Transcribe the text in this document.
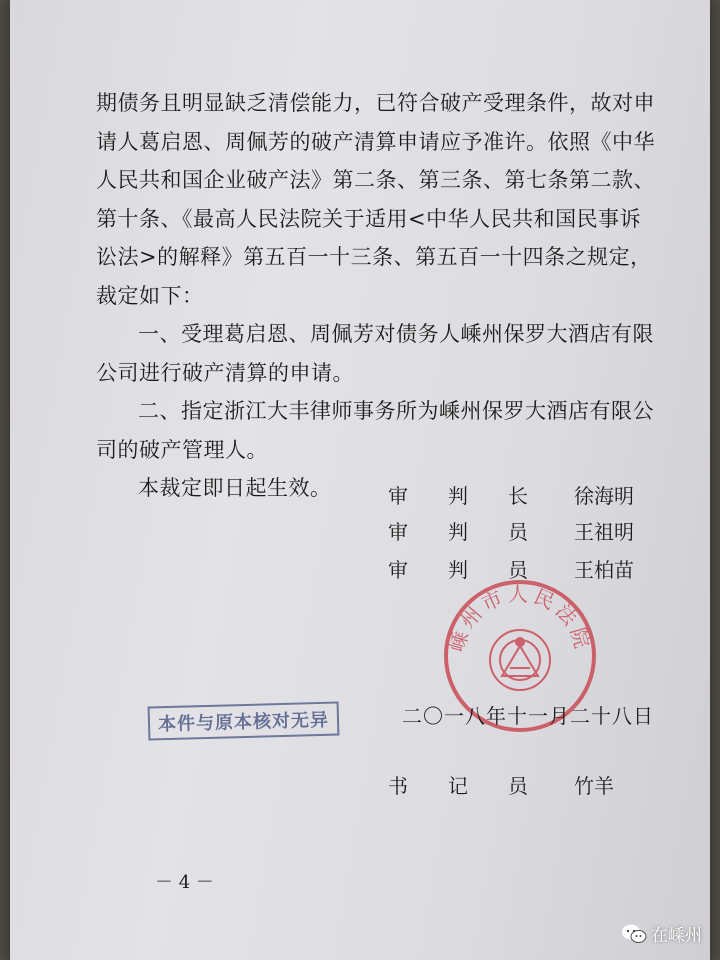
期债务且明显缺乏清偿能力，已符合破产受理条件，故对申请人葛启恩、周佩芳的破产清算申请应予准许。依照《中华人民共和国企业破产法》第二条、第三条、第七条第二款、第十条、《最高人民法院关于适用<中华人民共和国民事诉讼法>的解释》第五百一十三条、第五百一十四条之规定，裁定如下：

一、受理葛启恩、周佩芳对债务人嵊州保罗大酒店有限公司进行破产清算的申请。

二、指定浙江大丰律师事务所为嵊州保罗大酒店有限公司的破产管理人。

本裁定即日起生效。

嵊州市人民法院
审 判 长 徐海明
审 判 员 王祖明
审 判 员 王柏苗
本件与原本核对无异	二〇一八年十一月二十八日
书 记 员 竹羊
－ 4 －
在嵊州
